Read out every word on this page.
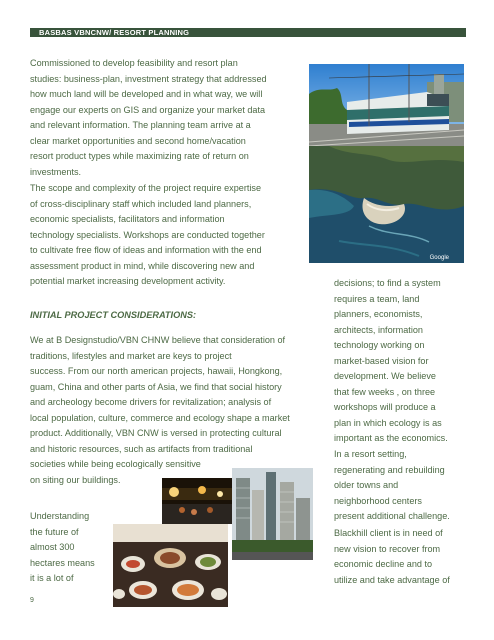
BASBAS VBNCNW/ RESORT PLANNING
Commissioned to develop feasibility and resort plan
studies: business-plan, investment strategy that addressed
how much land will be developed and in what way, we will
engage our experts on GIS and organize your market data
and relevant information. The planning team arrive at a
clear market opportunities and second home/vacation
resort product types while maximizing rate of return on
investments.
The scope and complexity of the project require expertise
of cross-disciplinary staff which included land planners,
economic specialists, facilitators and information
technology specialists. Workshops are conducted together
to cultivate free flow of ideas and information with the end
assessment product in mind, while discovering new and
potential market increasing development activity.
INITIAL PROJECT CONSIDERATIONS:
We at B Designstudio/VBN CHNW believe that consideration of
traditions, lifestyles and market are keys to project
success. From our north american projects, hawaii, Hongkong,
guam, China and other parts of Asia, we find that social history
and archeology become drivers for revitalization; analysis of
local population, culture, commerce and ecology shape a market
product. Additionally, VBN CNW is versed in protecting cultural
and historic resources, such as artifacts from traditional
societies while being ecologically sensitive
on siting our buildings.
Understanding
the future of
almost 300
hectares means
it is a lot of
decisions; to find a system
requires a team, land
planners, economists,
architects, information
technology working on
market-based vision for
development. We believe
that few weeks , on three
workshops will produce a
plan in which ecology is as
important as the economics.
In a resort setting,
regenerating and rebuilding
older towns and
neighborhood centers
present additional challenge.
Blackhill client is in need of
new vision to recover from
economic decline and to
utilize and take advantage of
Google
9
